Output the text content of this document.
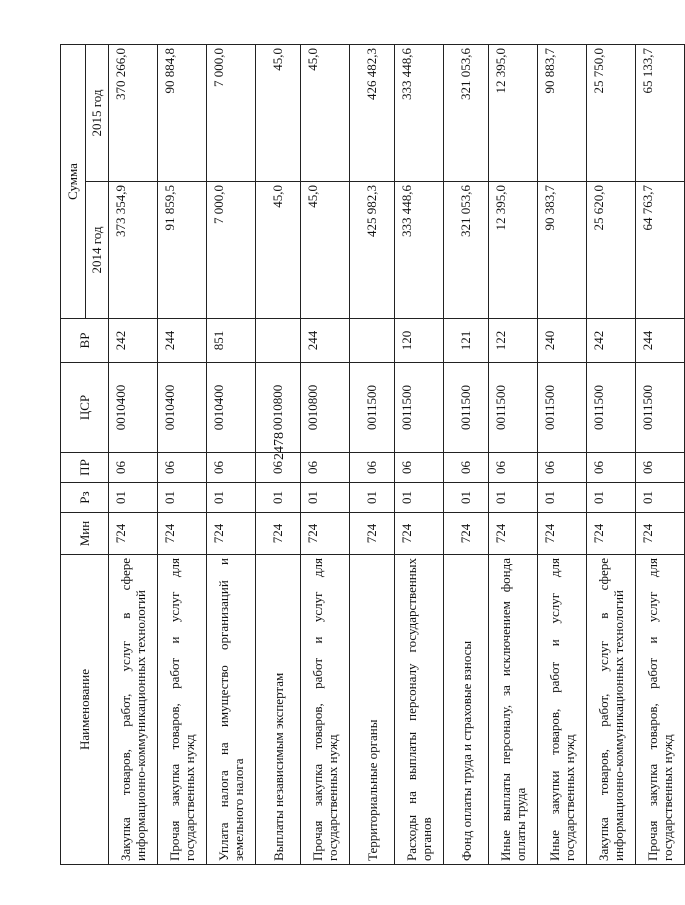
2478
Наименование	Мин	Рз	ПР	ЦСР	ВР	Сумма	
						2014 год	2015 год
Закупка товаров, работ, услуг в сфере информационно-коммуникационных технологий	724	01	06	0010400	242	373 354,9	370 266,0
Прочая закупка товаров, работ и услуг для государственных нужд	724	01	06	0010400	244	91 859,5	90 884,8
Уплата налога на имущество организаций и земельного налога	724	01	06	0010400	851	7 000,0	7 000,0
Выплаты независимым экспертам	724	01	06	0010800		45,0	45,0
Прочая закупка товаров, работ и услуг для государственных нужд	724	01	06	0010800	244	45,0	45,0
Территориальные органы	724	01	06	0011500		425 982,3	426 482,3
Расходы на выплаты персоналу государственных органов	724	01	06	0011500	120	333 448,6	333 448,6
Фонд оплаты труда и страховые взносы	724	01	06	0011500	121	321 053,6	321 053,6
Иные выплаты персоналу, за исключением фонда оплаты труда	724	01	06	0011500	122	12 395,0	12 395,0
Иные закупки товаров, работ и услуг для государственных нужд	724	01	06	0011500	240	90 383,7	90 883,7
Закупка товаров, работ, услуг в сфере информационно-коммуникационных технологий	724	01	06	0011500	242	25 620,0	25 750,0
Прочая закупка товаров, работ и услуг для государственных нужд	724	01	06	0011500	244	64 763,7	65 133,7
